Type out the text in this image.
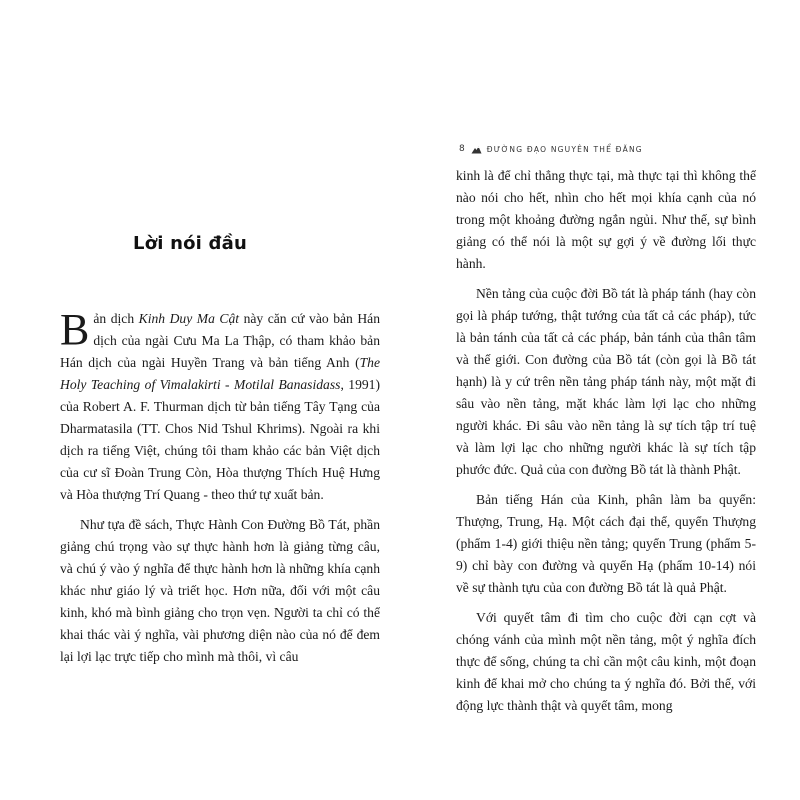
Lời nói đầu

Bản dịch Kinh Duy Ma Cật này căn cứ vào bản Hán dịch của ngài Cưu Ma La Thập, có tham khảo bản Hán dịch của ngài Huyền Trang và bản tiếng Anh (The Holy Teaching of Vimalakirti - Motilal Banasidass, 1991) của Robert A. F. Thurman dịch từ bản tiếng Tây Tạng của Dharmatasila (TT. Chos Nid Tshul Khrims). Ngoài ra khi dịch ra tiếng Việt, chúng tôi tham khảo các bản Việt dịch của cư sĩ Đoàn Trung Còn, Hòa thượng Thích Huệ Hưng và Hòa thượng Trí Quang - theo thứ tự xuất bản.

Như tựa đề sách, Thực Hành Con Đường Bồ Tát, phần giảng chú trọng vào sự thực hành hơn là giảng từng câu, và chú ý vào ý nghĩa để thực hành hơn là những khía cạnh khác như giáo lý và triết học. Hơn nữa, đối với một câu kinh, khó mà bình giảng cho trọn vẹn. Người ta chỉ có thể khai thác vài ý nghĩa, vài phương diện nào của nó để đem lại lợi lạc trực tiếp cho mình mà thôi, vì câu

8	ĐƯỜNG ĐẠO NGUYÊN THỂ ĐĂNG

kinh là để chỉ thẳng thực tại, mà thực tại thì không thể nào nói cho hết, nhìn cho hết mọi khía cạnh của nó trong một khoảng đường ngắn ngủi. Như thế, sự bình giảng có thể nói là một sự gợi ý về đường lối thực hành.

Nền tảng của cuộc đời Bồ tát là pháp tánh (hay còn gọi là pháp tướng, thật tướng của tất cả các pháp), tức là bản tánh của tất cả các pháp, bản tánh của thân tâm và thế giới. Con đường của Bồ tát (còn gọi là Bồ tát hạnh) là y cứ trên nền tảng pháp tánh này, một mặt đi sâu vào nền tảng, mặt khác làm lợi lạc cho những người khác. Đi sâu vào nền tảng là sự tích tập trí tuệ và làm lợi lạc cho những người khác là sự tích tập phước đức. Quả của con đường Bồ tát là thành Phật.

Bản tiếng Hán của Kinh, phân làm ba quyển: Thượng, Trung, Hạ. Một cách đại thể, quyển Thượng (phẩm 1-4) giới thiệu nền tảng; quyển Trung (phẩm 5-9) chỉ bày con đường và quyển Hạ (phẩm 10-14) nói về sự thành tựu của con đường Bồ tát là quả Phật.

Với quyết tâm đi tìm cho cuộc đời cạn cợt và chóng vánh của mình một nền tảng, một ý nghĩa đích thực để sống, chúng ta chỉ cần một câu kinh, một đoạn kinh để khai mở cho chúng ta ý nghĩa đó. Bởi thế, với động lực thành thật và quyết tâm, mong
